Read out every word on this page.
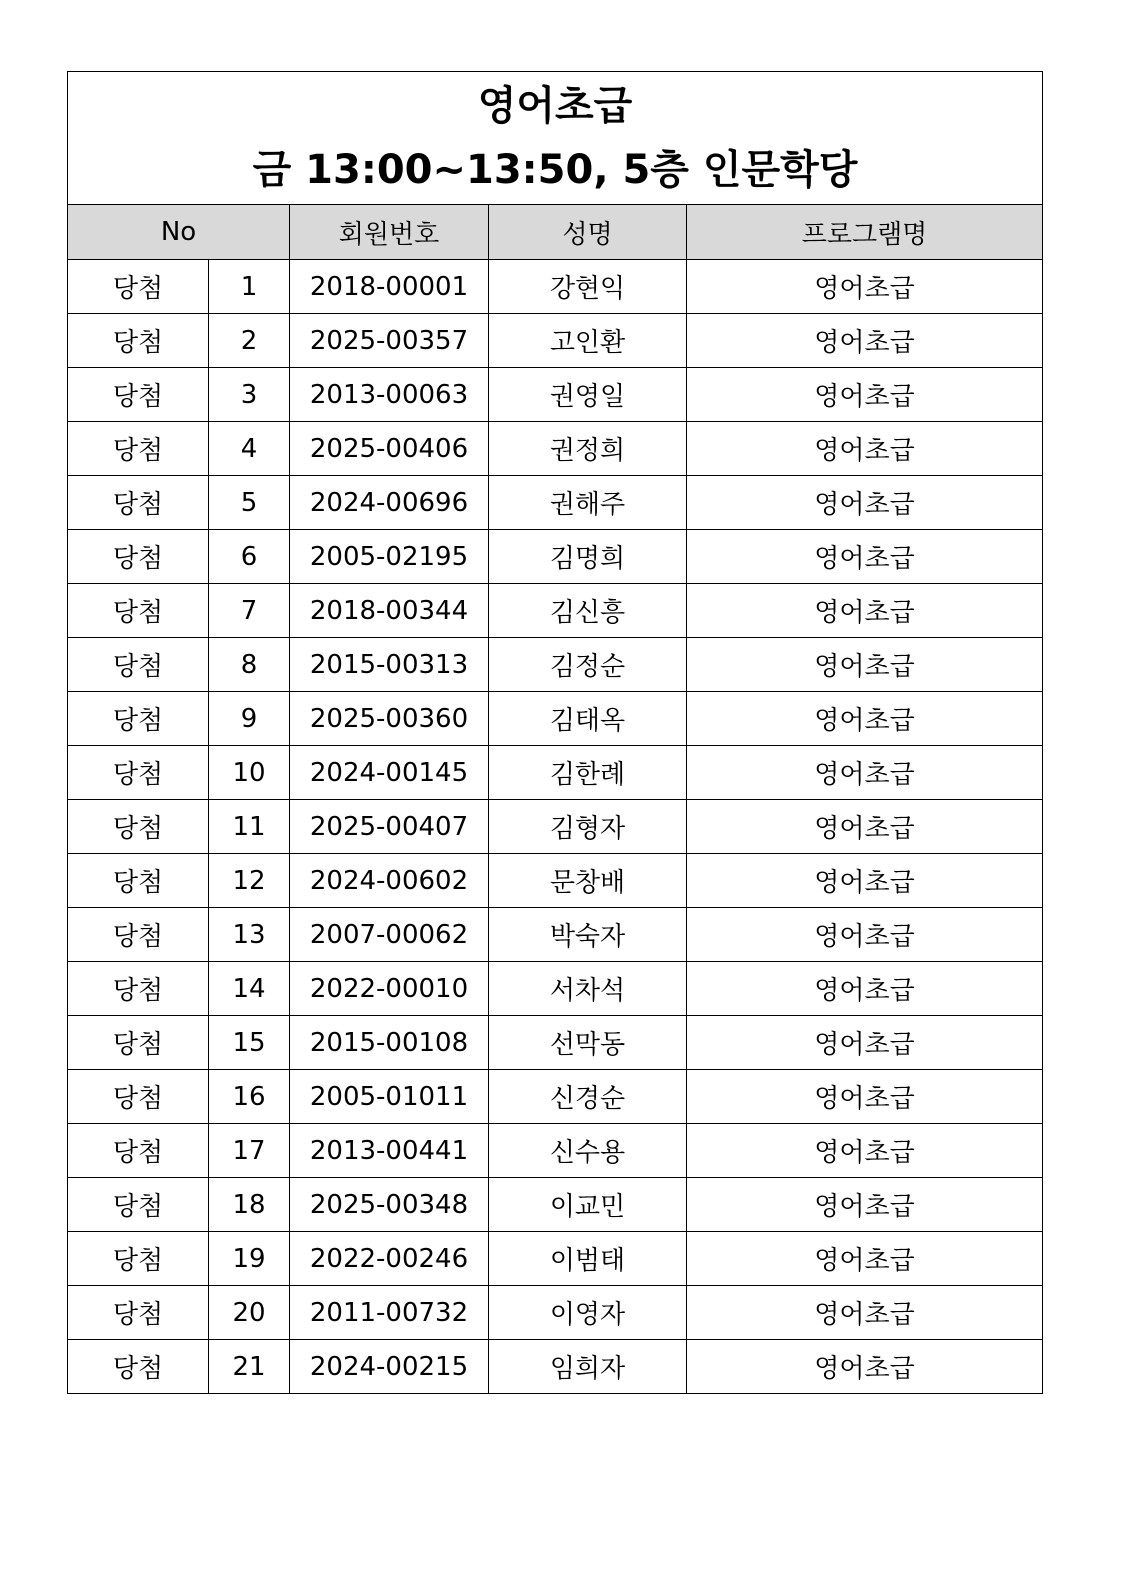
영어초급
금 13:00~13:50, 5층 인문학당				

No		회원번호	성명	프로그램명
당첨	1	2018-00001	강현익	영어초급
당첨	2	2025-00357	고인환	영어초급
당첨	3	2013-00063	권영일	영어초급
당첨	4	2025-00406	권정희	영어초급
당첨	5	2024-00696	권해주	영어초급
당첨	6	2005-02195	김명희	영어초급
당첨	7	2018-00344	김신흥	영어초급
당첨	8	2015-00313	김정순	영어초급
당첨	9	2025-00360	김태옥	영어초급
당첨	10	2024-00145	김한례	영어초급
당첨	11	2025-00407	김형자	영어초급
당첨	12	2024-00602	문창배	영어초급
당첨	13	2007-00062	박숙자	영어초급
당첨	14	2022-00010	서차석	영어초급
당첨	15	2015-00108	선막동	영어초급
당첨	16	2005-01011	신경순	영어초급
당첨	17	2013-00441	신수용	영어초급
당첨	18	2025-00348	이교민	영어초급
당첨	19	2022-00246	이범태	영어초급
당첨	20	2011-00732	이영자	영어초급
당첨	21	2024-00215	임희자	영어초급
